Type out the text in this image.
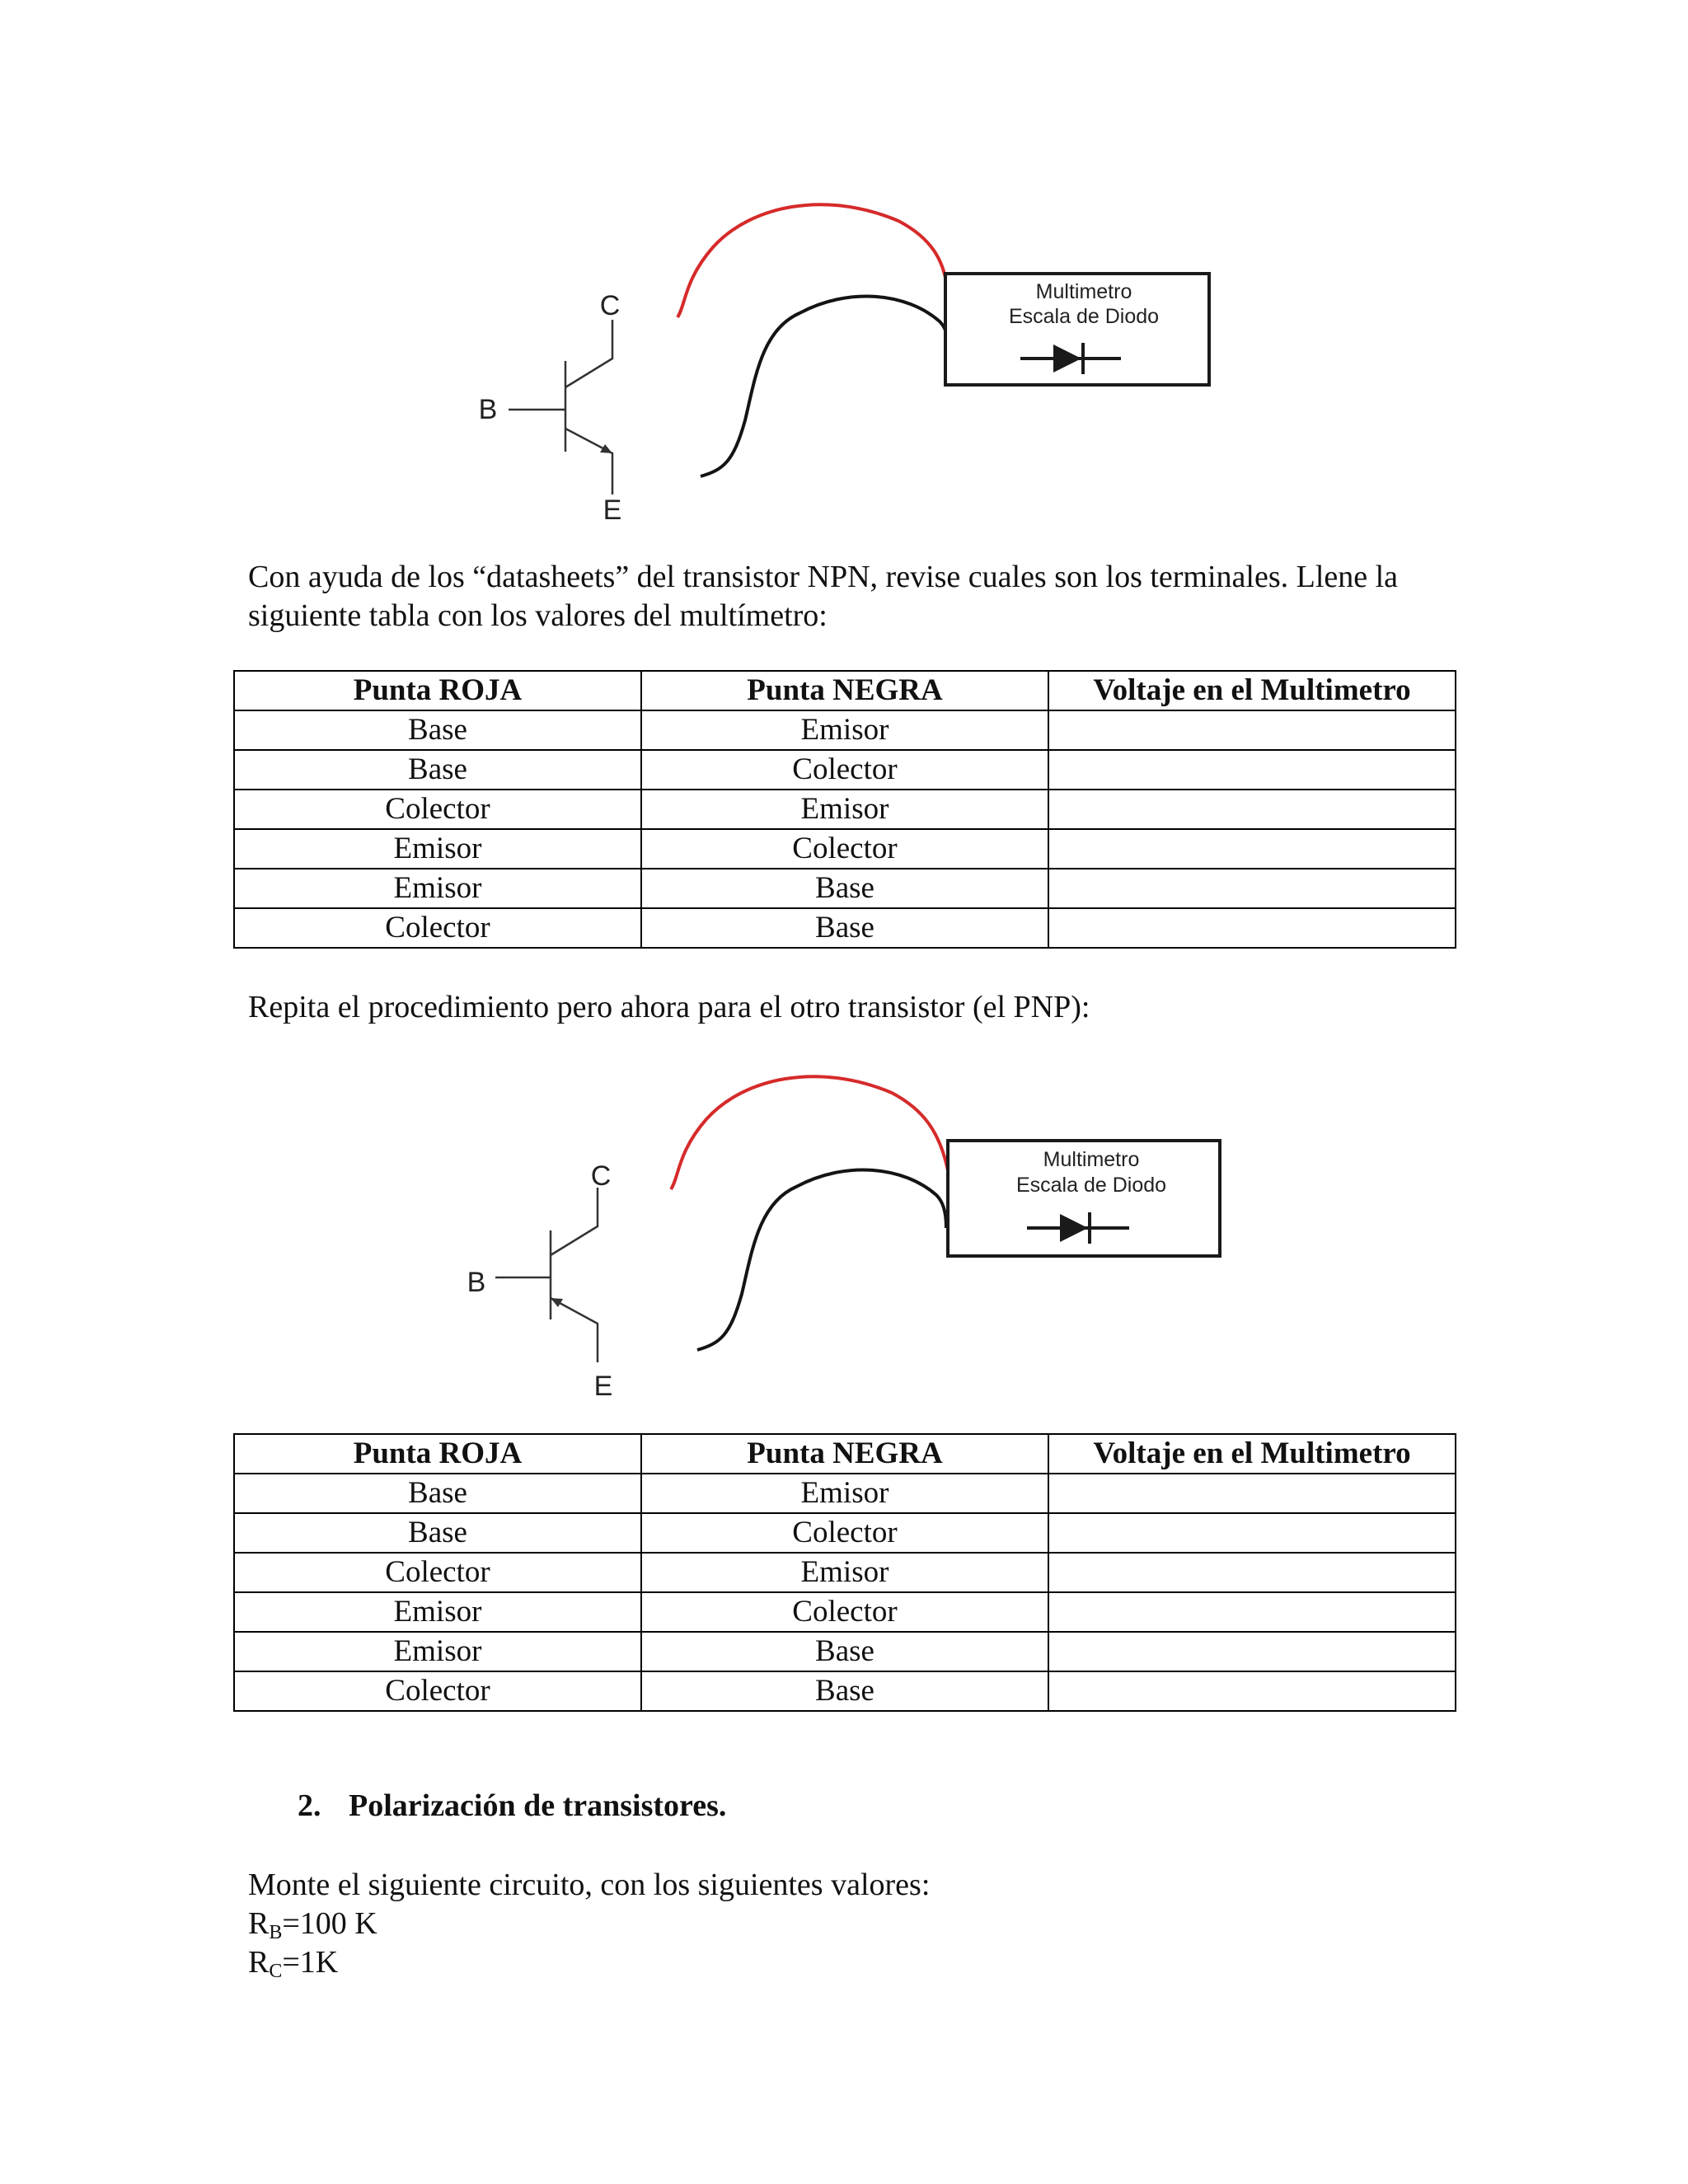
C
B
E
Multimetro
Escala de Diodo

Con ayuda de los “datasheets” del transistor NPN, revise cuales son los terminales. Llene la siguiente tabla con los valores del multímetro:

Punta ROJA	Punta NEGRA	Voltaje en el Multimetro
Base	Emisor	
Base	Colector	
Colector	Emisor	
Emisor	Colector	
Emisor	Base	
Colector	Base	

Repita el procedimiento pero ahora para el otro transistor (el PNP):

C
B
E
Multimetro
Escala de Diodo
Punta ROJA	Punta NEGRA	Voltaje en el Multimetro
Base	Emisor	
Base	Colector	
Colector	Emisor	
Emisor	Colector	
Emisor	Base	
Colector	Base	
2. Polarización de transistores.
Monte el siguiente circuito, con los siguientes valores:
$R_B=100$ K
$R_C=1K$
